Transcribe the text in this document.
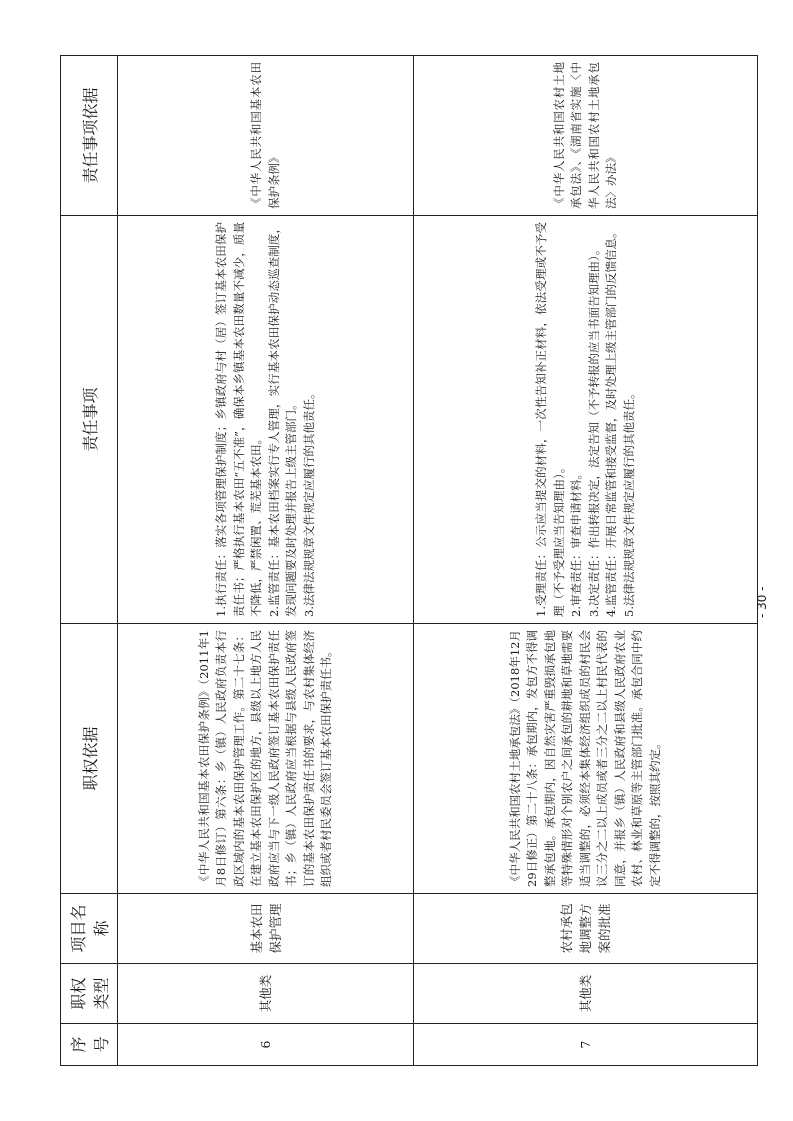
序号	职权类型	项目名称	职权依据	责任事项	责任事项依据
6	其他类	基本农田保护管理	《中华人民共和国基本农田保护条例》（2011年1月8日修订）第六条：乡（镇）人民政府负责本行政区域内的基本农田保护管理工作。第二十七条：在建立基本农田保护区的地方，县级以上地方人民政府应当与下一级人民政府签订基本农田保护责任书；乡（镇）人民政府应当根据与县级人民政府签订的基本农田保护责任书的要求，与农村集体经济组织或者村民委员会签订基本农田保护责任书。	1.执行责任：落实各项管理保护制度；乡镇政府与村（居）签订基本农田保护责任书；严格执行基本农田“五不准”，确保本乡镇基本农田数量不减少，质量不降低，严禁闲置、荒芜基本农田。 2.监管责任：基本农田档案实行专人管理，实行基本农田保护动态巡查制度，发现问题要及时处理并报告上级主管部门。 3.法律法规规章文件规定应履行的其他责任。	《中华人民共和国基本农田保护条例》
7	其他类	农村承包地调整方案的批准	《中华人民共和国农村土地承包法》（2018年12月29日修正）第二十八条：承包期内，发包方不得调整承包地。承包期内，因自然灾害严重毁损承包地等特殊情形对个别农户之间承包的耕地和草地需要适当调整的，必须经本集体经济组织成员的村民会议三分之二以上成员或者三分之二以上村民代表的同意，并报乡（镇）人民政府和县级人民政府农业农村、林业和草原等主管部门批准。承包合同中约定不得调整的，按照其约定。	1.受理责任：公示应当提交的材料，一次性告知补正材料，依法受理或不予受理（不予受理应当告知理由）。 2.审查责任：审查申请材料。 3.决定责任：作出转报决定，法定告知（不予转报的应当书面告知理由）。 4.监管责任：开展日常监管和接受监督，及时处理上级主管部门的反馈信息。 5.法律法规规章文件规定应履行的其他责任。	《中华人民共和国农村土地承包法》、《湖南省实施〈中华人民共和国农村土地承包法〉办法》
- 30 -
